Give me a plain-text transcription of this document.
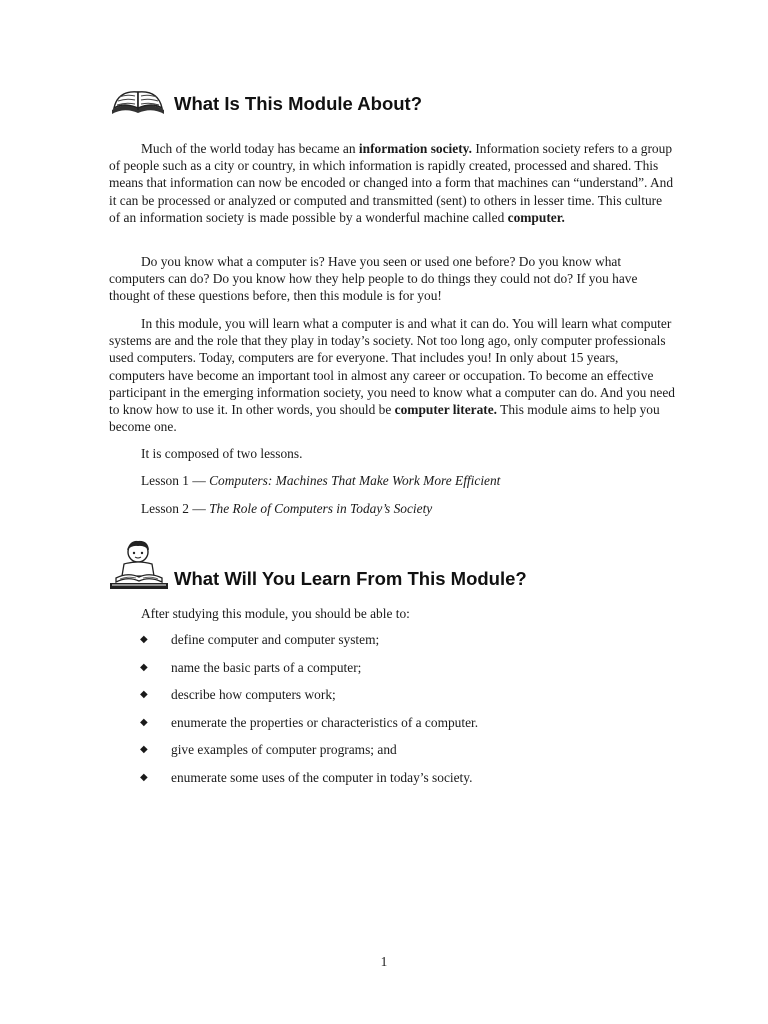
What Is This Module About?

Much of the world today has became an information society. Information society refers to a group of people such as a city or country, in which information is rapidly created, processed and shared. This means that information can now be encoded or changed into a form that machines can “understand”. And it can be processed or analyzed or computed and transmitted (sent) to others in lesser time. This culture of an information society is made possible by a wonderful machine called computer.

Do you know what a computer is? Have you seen or used one before? Do you know what computers can do? Do you know how they help people to do things they could not do? If you have thought of these questions before, then this module is for you!

In this module, you will learn what a computer is and what it can do. You will learn what computer systems are and the role that they play in today’s society. Not too long ago, only computer professionals used computers. Today, computers are for everyone. That includes you! In only about 15 years, computers have become an important tool in almost any career or occupation. To become an effective participant in the emerging information society, you need to know what a computer can do. And you need to know how to use it. In other words, you should be computer literate. This module aims to help you become one.

It is composed of two lessons.
Lesson 1 — Computers: Machines That Make Work More Efficient
Lesson 2 — The Role of Computers in Today’s Society
What Will You Learn From This Module?
After studying this module, you should be able to:
◆ define computer and computer system;
◆ name the basic parts of a computer;
◆ describe how computers work;
◆ enumerate the properties or characteristics of a computer.
◆ give examples of computer programs; and
◆ enumerate some uses of the computer in today’s society.
1
